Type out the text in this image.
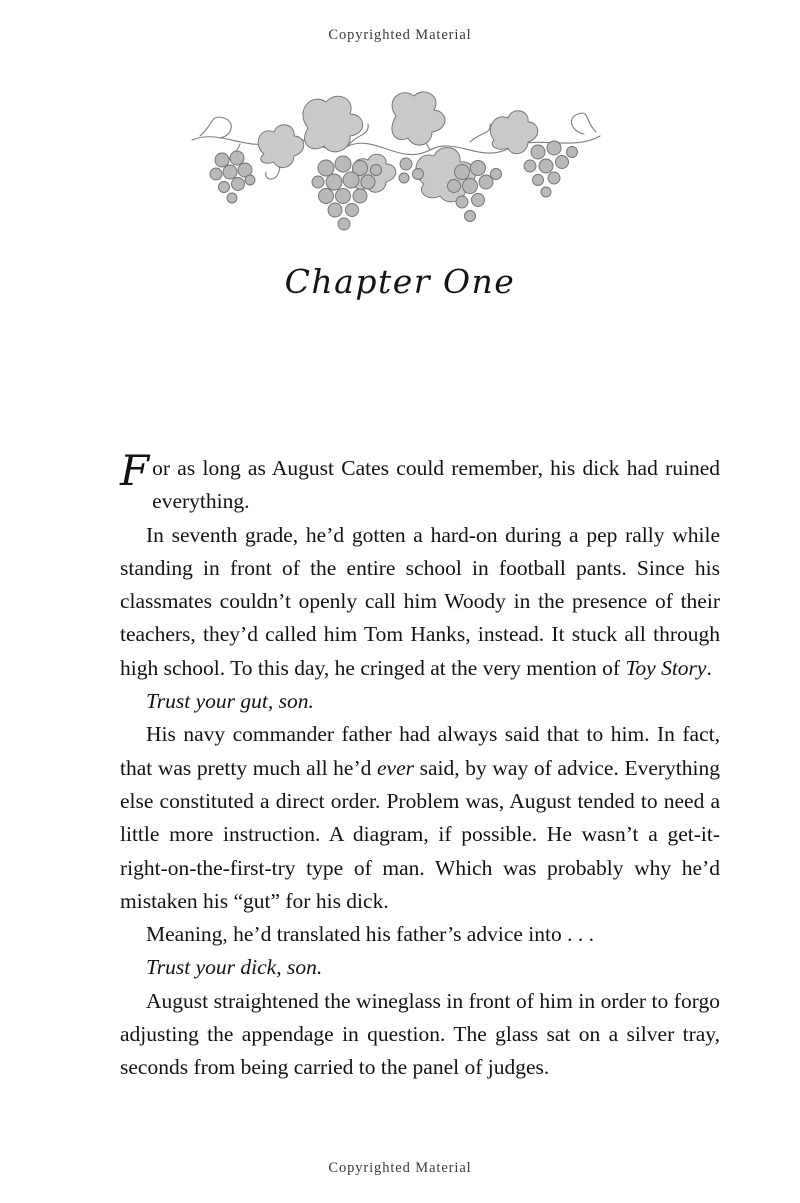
Copyrighted Material
Chapter One

For as long as August Cates could remember, his dick had ruined everything.

In seventh grade, he’d gotten a hard-on during a pep rally while standing in front of the entire school in football pants. Since his classmates couldn’t openly call him Woody in the presence of their teachers, they’d called him Tom Hanks, instead. It stuck all through high school. To this day, he cringed at the very mention of Toy Story.

Trust your gut, son.

His navy commander father had always said that to him. In fact, that was pretty much all he’d ever said, by way of advice. Everything else constituted a direct order. Problem was, August tended to need a little more instruction. A diagram, if possible. He wasn’t a get-it-right-on-the-first-try type of man. Which was probably why he’d mistaken his “gut” for his dick.

Meaning, he’d translated his father’s advice into . . .

Trust your dick, son.

August straightened the wineglass in front of him in order to forgo adjusting the appendage in question. The glass sat on a silver tray, seconds from being carried to the panel of judges.

Copyrighted Material
